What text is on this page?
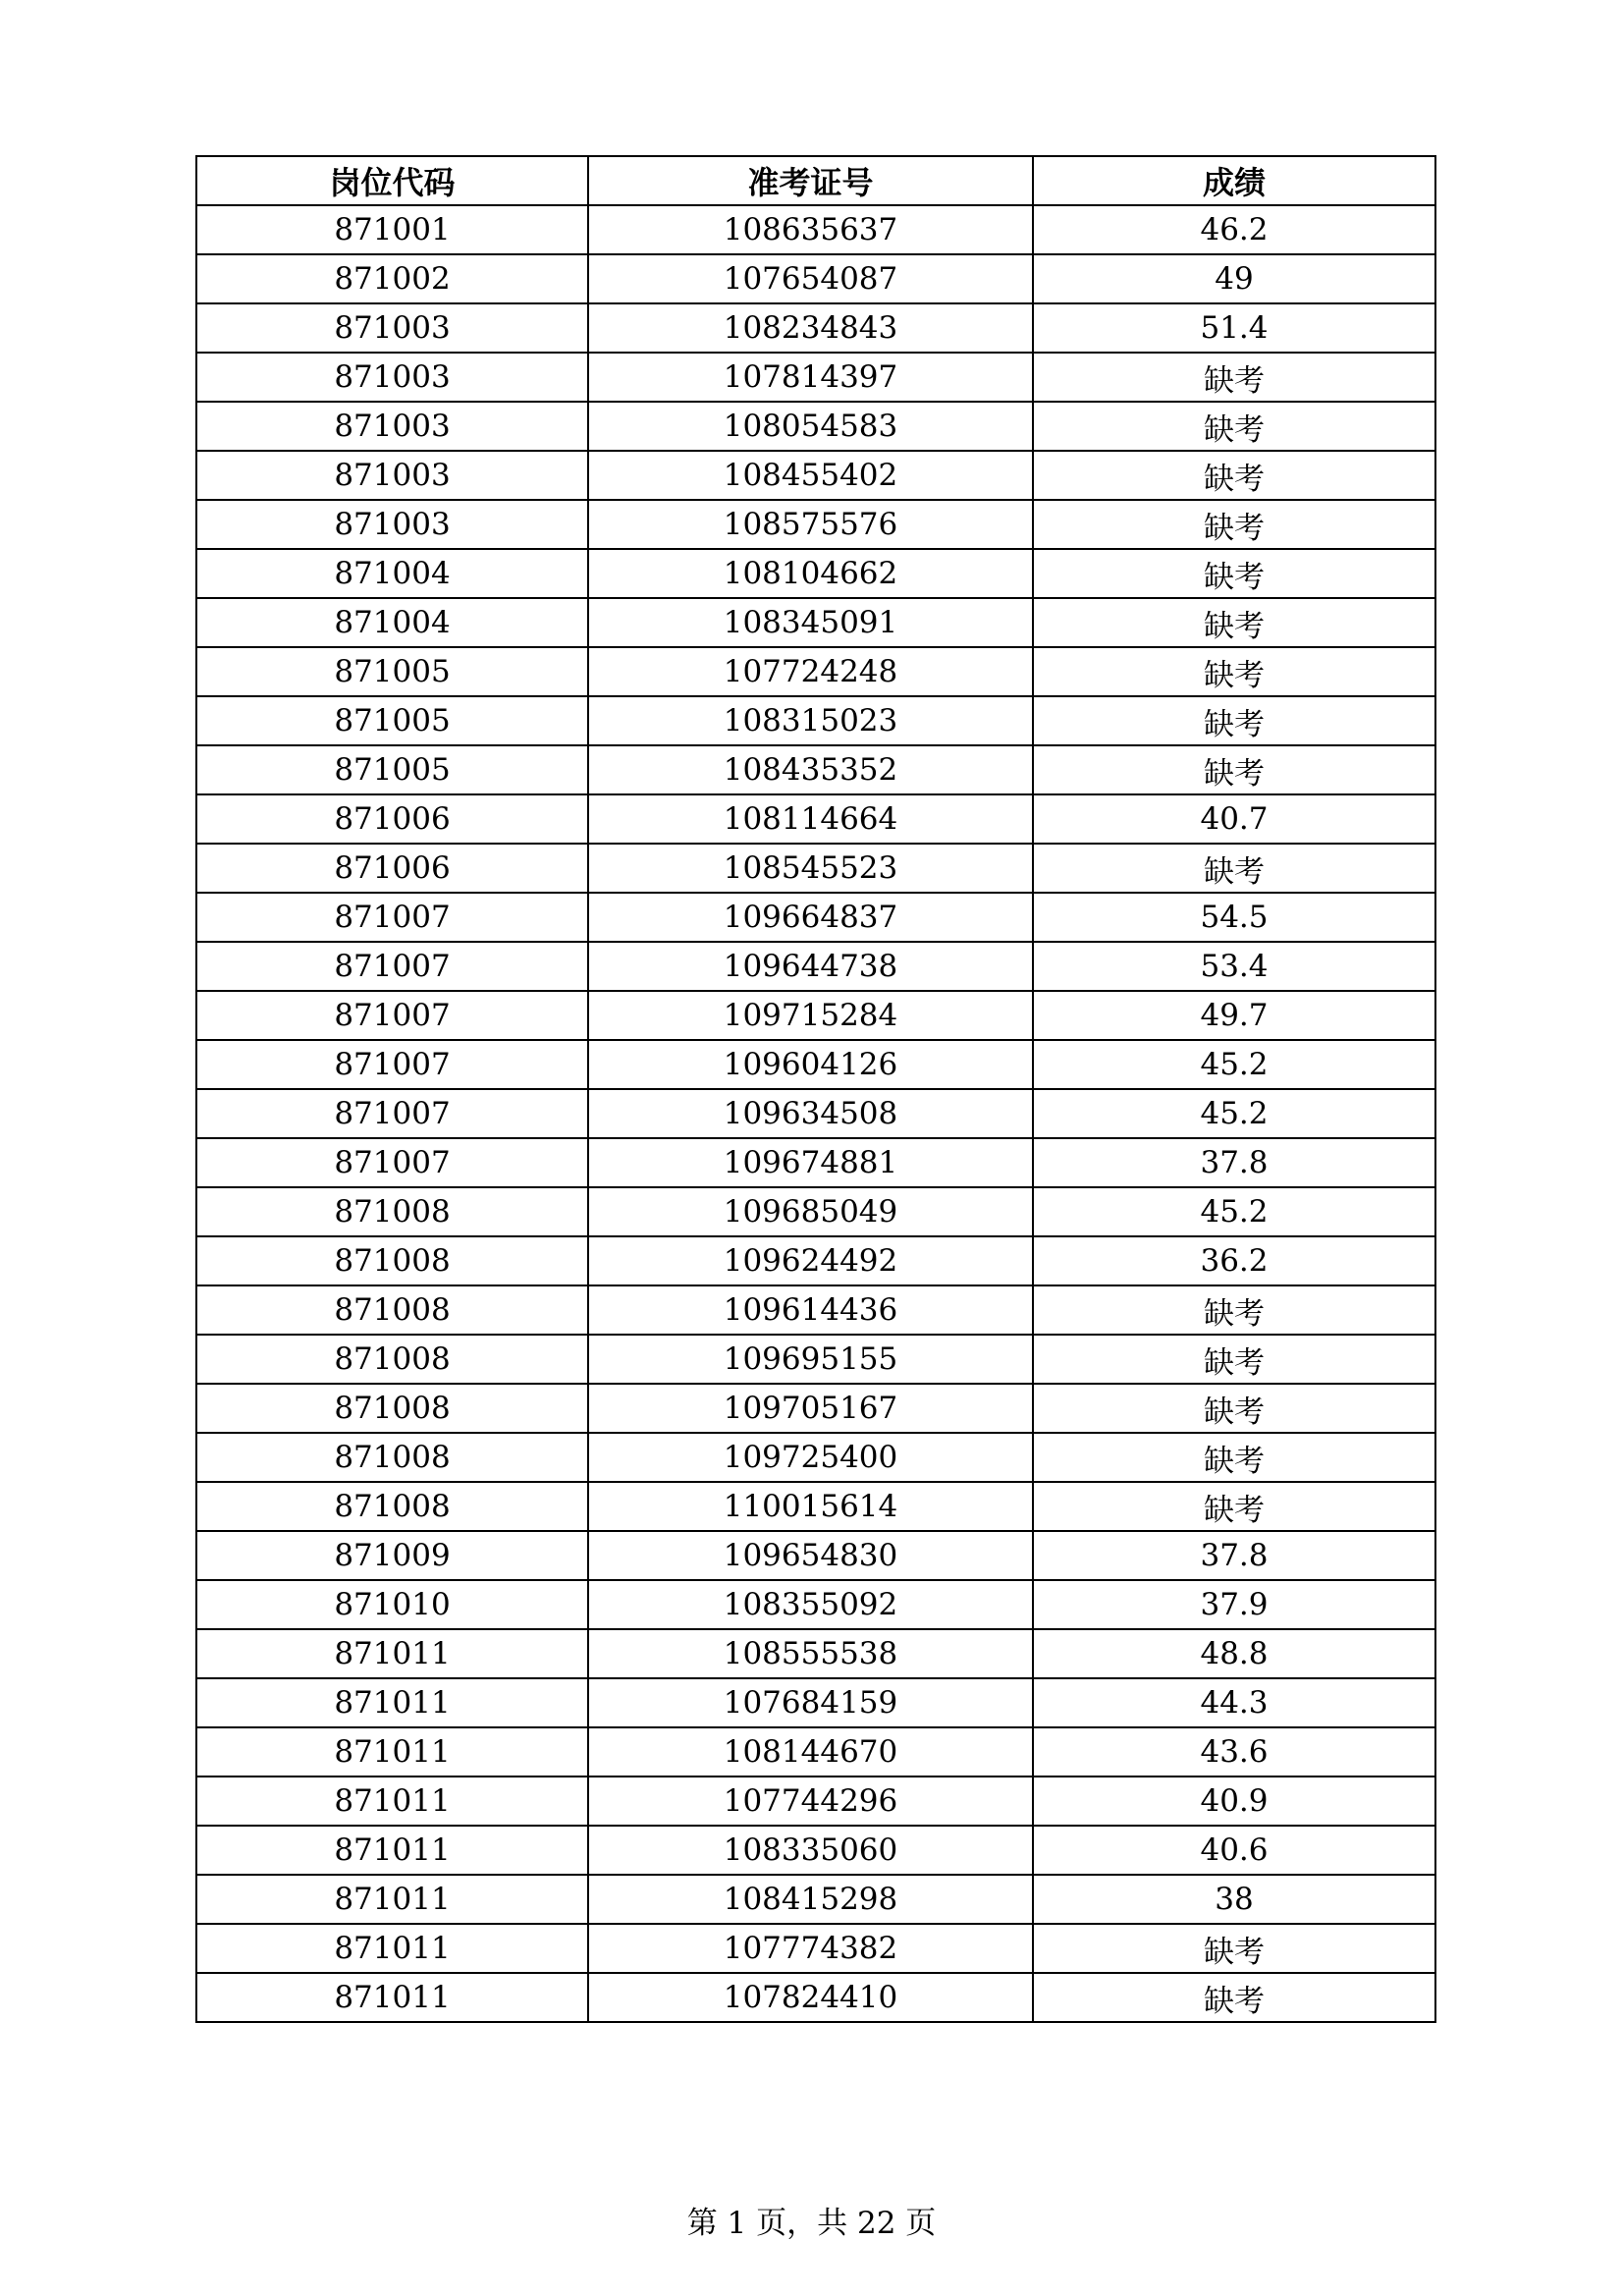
岗位代码	准考证号	成绩
871001	108635637	46.2
871002	107654087	49
871003	108234843	51.4
871003	107814397	缺考
871003	108054583	缺考
871003	108455402	缺考
871003	108575576	缺考
871004	108104662	缺考
871004	108345091	缺考
871005	107724248	缺考
871005	108315023	缺考
871005	108435352	缺考
871006	108114664	40.7
871006	108545523	缺考
871007	109664837	54.5
871007	109644738	53.4
871007	109715284	49.7
871007	109604126	45.2
871007	109634508	45.2
871007	109674881	37.8
871008	109685049	45.2
871008	109624492	36.2
871008	109614436	缺考
871008	109695155	缺考
871008	109705167	缺考
871008	109725400	缺考
871008	110015614	缺考
871009	109654830	37.8
871010	108355092	37.9
871011	108555538	48.8
871011	107684159	44.3
871011	108144670	43.6
871011	107744296	40.9
871011	108335060	40.6
871011	108415298	38
871011	107774382	缺考
871011	107824410	缺考
第 1 页，共 22 页
